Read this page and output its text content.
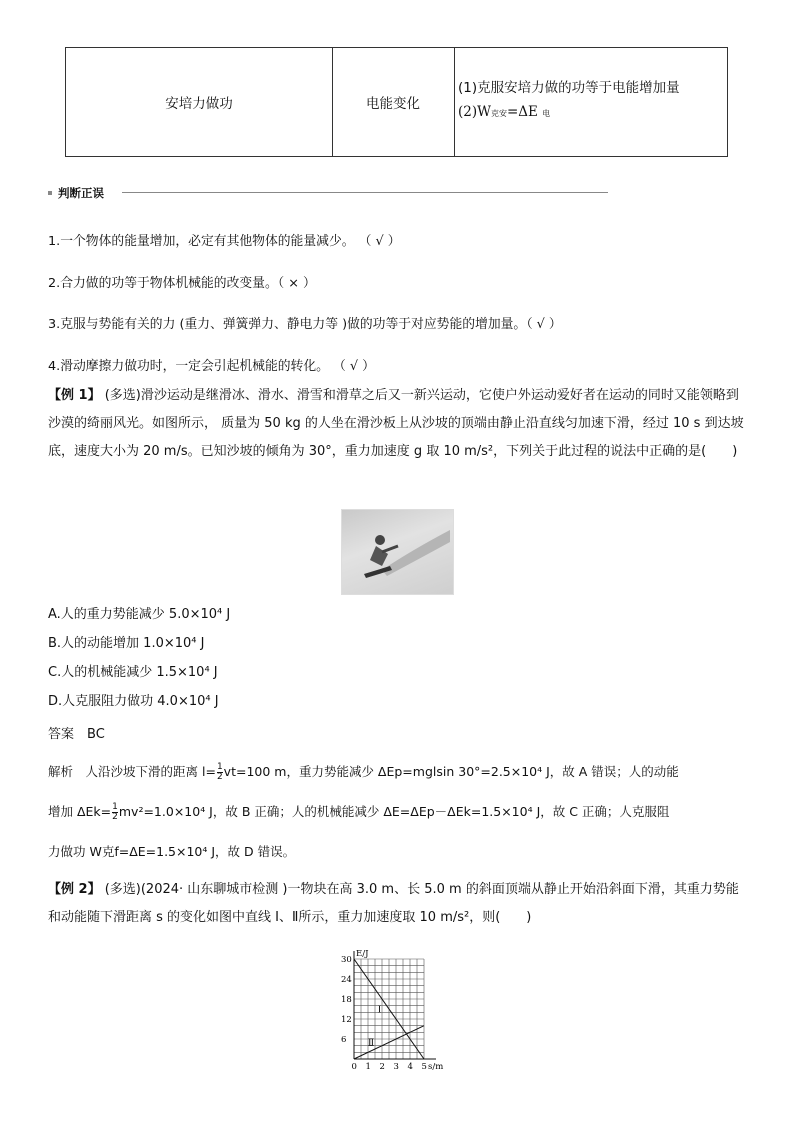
安培力做功	电能变化
(1)克服安培力做的功等于电能增加量
(2)W克安=ΔE 电
判断正误
1.一个物体的能量增加，必定有其他物体的能量减少。 （ √ ）
2.合力做的功等于物体机械能的改变量。（ × ）
3.克服与势能有关的力 (重力、弹簧弹力、静电力等 )做的功等于对应势能的增加量。（ √ ）
4.滑动摩擦力做功时，一定会引起机械能的转化。 （ √ ）
【例 1】 (多选)滑沙运动是继滑冰、滑水、滑雪和滑草之后又一新兴运动，它使户外运动爱好者在运动的同时又能领略到沙漠的绮丽风光。如图所示， 质量为 50 kg 的人坐在滑沙板上从沙坡的顶端由静止沿直线匀加速下滑，经过 10 s 到达坡底，速度大小为 20 m/s。已知沙坡的倾角为 30°，重力加速度 g 取 10 m/s²，下列关于此过程的说法中正确的是(　　)
A.人的重力势能减少 5.0×10⁴ J
B.人的动能增加 1.0×10⁴ J
C.人的机械能减少 1.5×10⁴ J
D.人克服阻力做功 4.0×10⁴ J
答案　 BC
解析　人沿沙坡下滑的距离 $l= \frac{1}{2} vt=100$ m，重力势能减少 ΔEp=mglsin 30°=2.5×10⁴ J，故 A 错误；人的动能
增加 $\Delta Ek= \frac{1}{2} mv^2=1.0\times 10^4$ J，故 B 正确；人的机械能减少 ΔE=ΔEp－ΔEk=1.5×10⁴ J，故 C 正确；人克服阻
力做功 W克f=ΔE=1.5×10⁴ J，故 D 错误。
【例 2】 (多选)(2024· 山东聊城市检测 )一物块在高 3.0 m、长 5.0 m 的斜面顶端从静止开始沿斜面下滑，其重力势能和动能随下滑距离 s 的变化如图中直线 Ⅰ、Ⅱ所示，重力加速度取 10 m/s²，则(　　)
Ⅰ
Ⅱ
0 1 2 3 4 5
6
12
18
24
30
s/m
E/J
